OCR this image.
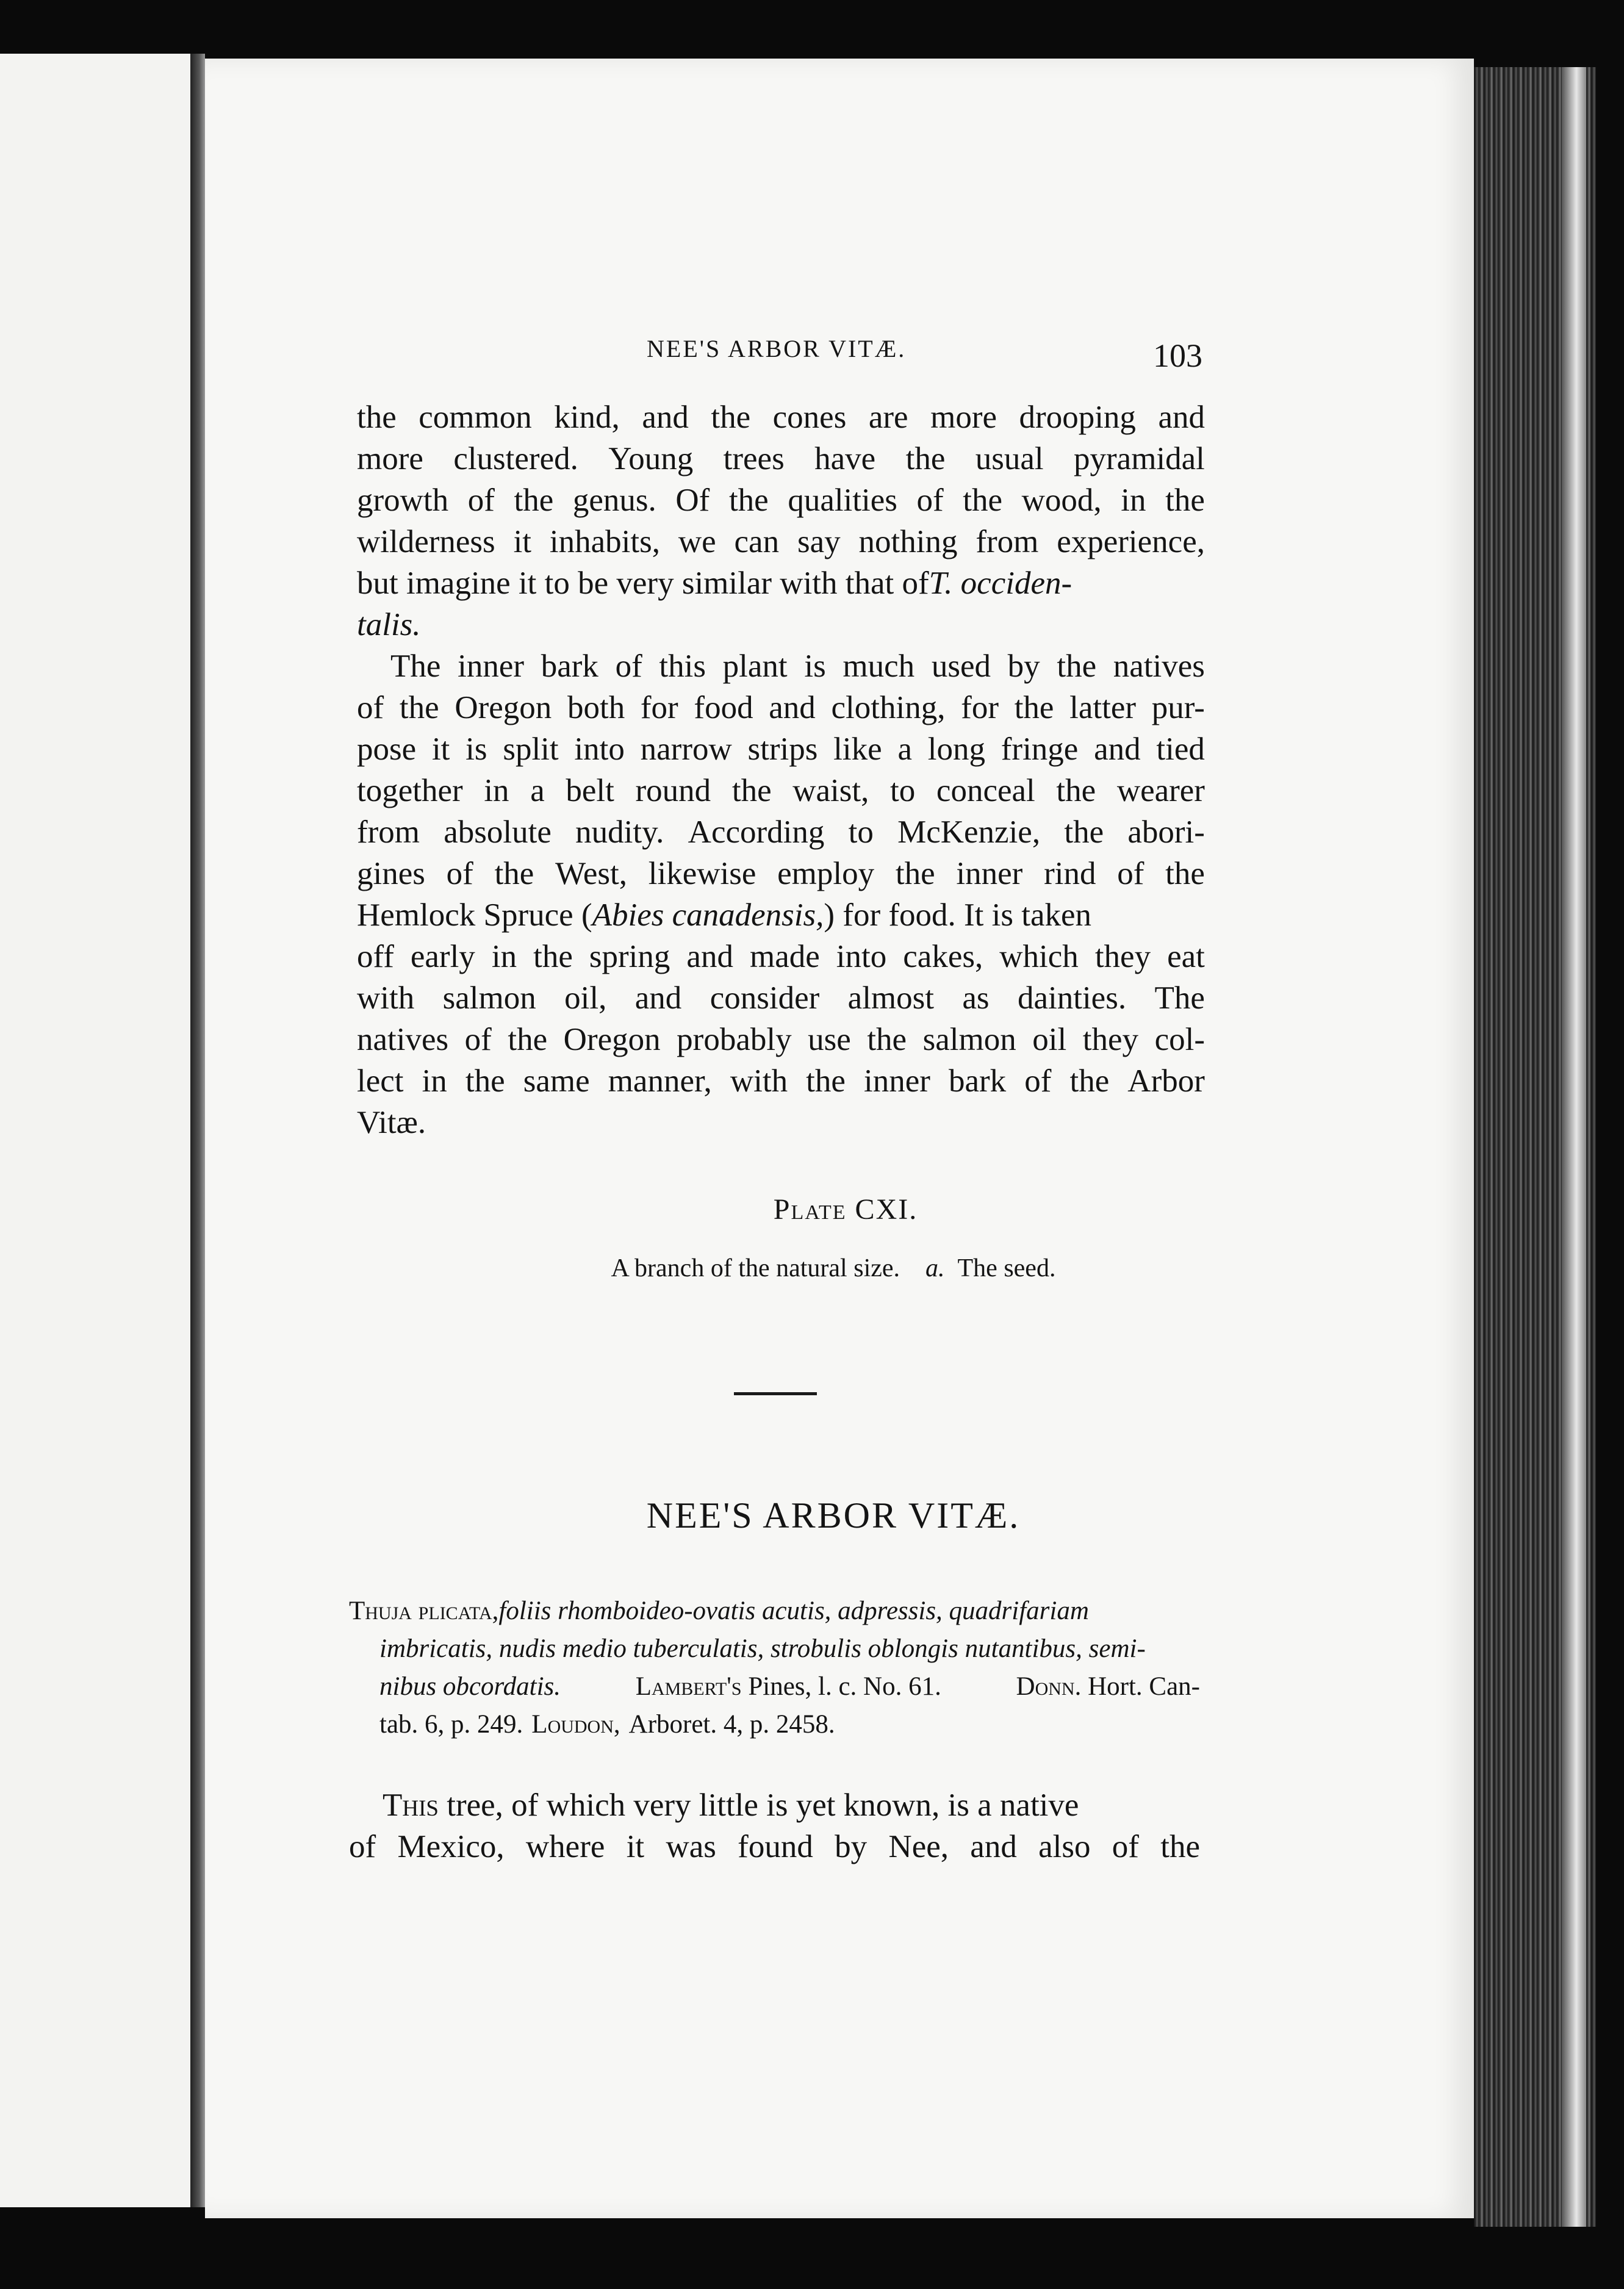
NEE'S ARBOR VITÆ.	103
the common kind, and the cones are more drooping and
more clustered. Young trees have the usual pyramidal
growth of the genus. Of the qualities of the wood, in the
wilderness it inhabits, we can say nothing from experience,
but imagine it to be very similar with that of T. occiden-
talis.
The inner bark of this plant is much used by the natives
of the Oregon both for food and clothing, for the latter pur-
pose it is split into narrow strips like a long fringe and tied
together in a belt round the waist, to conceal the wearer
from absolute nudity. According to McKenzie, the abori-
gines of the West, likewise employ the inner rind of the
Hemlock Spruce ( Abies canadensis, ) for food. It is taken
off early in the spring and made into cakes, which they eat
with salmon oil, and consider almost as dainties. The
natives of the Oregon probably use the salmon oil they col-
lect in the same manner, with the inner bark of the Arbor
Vitæ.
Plate CXI.
A branch of the natural size. a. The seed.
NEE'S ARBOR VITÆ.
Thuja plicata, foliis rhomboideo-ovatis acutis, adpressis, quadrifariam
imbricatis, nudis medio tuberculatis, strobulis oblongis nutantibus, semi-
nibus obcordatis.	Lambert's Pines, l. c. No. 61.	Donn. Hort. Can-
tab. 6, p. 249. Loudon, Arboret. 4, p. 2458.
This tree, of which very little is yet known, is a native
of Mexico, where it was found by Nee, and also of the
